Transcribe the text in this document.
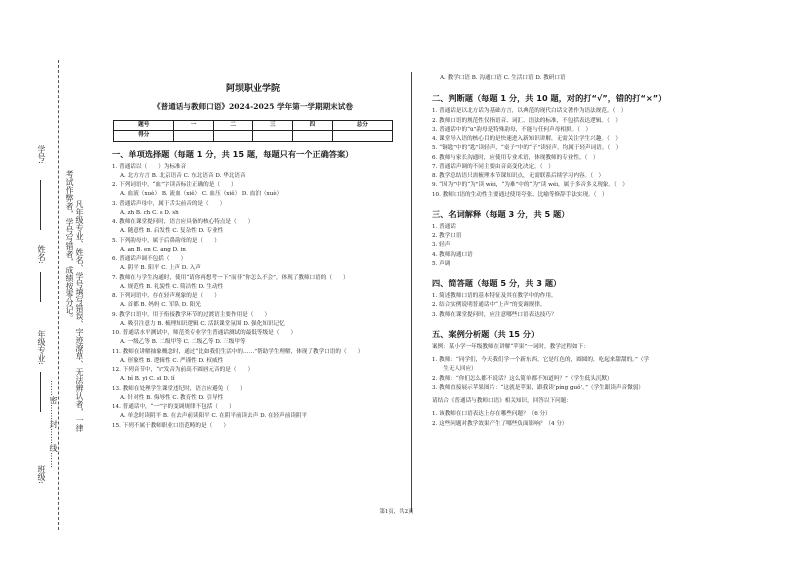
学号:
姓名:
年级专业:
班级:
考试作弊者，学号写错者，成绩按零分记。 凡年级专业、姓名、学号填写错误、字迹潦草、无法辨认者，一律
……密……封……线……
阿坝职业学院
《普通话与教师口语》2024-2025 学年第一学期期末试卷
题号	一	二	三	四	总分
得分					
一、单项选择题（每题 1 分，共 15 题，每题只有一个正确答案）

1. 普通话以（　　）为标准音

A. 北方方言 B. 北京语音 C. 东北语音 D. 华北语音

2. 下列词语中，“血”字读音标注正确的是（　　）

A. 血液（xuè） B. 流血（xiě） C. 血压（xiě） D. 血泊（xuè）

3. 普通话声母中，属于舌尖前音的是（　　）

A. zh B. ch C. s D. sh

4. 教师在课堂提问时，语言应具备的核心特点是（　　）

A. 随意性 B. 启发性 C. 复杂性 D. 专业性

5. 下列韵母中，属于后鼻韵母的是（　　）

A. an B. en C. ang D. in

6. 普通话声调不包括（　　）

A. 阴平 B. 阳平 C. 上声 D. 入声

7. 教师在与学生沟通时，使用“请你再想考一下”而非“你怎么不会”，体现了教师口语的（　　）

A. 规范性 B. 礼貌性 C. 简洁性 D. 生动性

8. 下列词语中，存在轻声现象的是（　　）

A. 首都 B. 妈妈 C. 军队 D. 阳光

9. 教学口语中，用于衔接教学环节的过渡语主要作用是（　　）

A. 吸引注意力 B. 梳理知识逻辑 C. 活跃课堂氛围 D. 强化知识记忆

10. 普通话水平测试中，师范类专业学生普通话测试的最低等级是（　　）

A. 一级乙等 B. 二级甲等 C. 二级乙等 D. 三级甲等

11. 教师在讲解抽象概念时，通过“比如我们生活中的……”帮助学生理解，体现了教学口语的（　　）

A. 形象性 B. 逻辑性 C. 严谨性 D. 权威性

12. 下列音节中，“i”发音为前高不圆唇元音的是（　　）

A. bǐ B. yī C. sī D. lǐ

13. 教师在处理学生课堂违纪时，语言应避免（　　）

A. 针对性 B. 侮辱性 C. 教育性 D. 引导性

14. 普通话中，“一”字的变调规律不包括（　　）

A. 单念时读阴平 B. 在去声前读阳平 C. 在阴平前读去声 D. 在轻声前读阴平

15. 下列不属于教师职业口语范畴的是（　　）

A. 教学口语 B. 沟通口语 C. 生活口语 D. 教研口语

二、判断题（每题 1 分，共 10 题，对的打“√”，错的打“×”）

1. 普通话是以北方话为基础方言，以典范的现代白话文著作为语法规范。（　）

2. 教师口语的规范性仅指语音、词汇、语法的标准，不包括表达逻辑。（　）

3. 普通话中的“ü”韵母是特殊韵母，不能与任何声母相拼。（　）

4. 课堂导入语的核心目的是快速进入新知识讲解，无需关注学生兴趣。（　）

5. “铜匙”中的“匙”读轻声，“桌子”中的“子”读轻声，均属于轻声词语。（　）

6. 教师与家长沟通时，应使用专业术语，体现教师的专业性。（　）

7. 普通话声调的不同主要由音高变化决定。（　）

8. 教学总结语只需梳理本节课知识点，无需联系后续学习内容。（　）

9. “因为”中的“为”读 wèi，“为难”中的“为”读 wéi，属于多音多义现象。（　）

10. 教师口语的生动性主要通过使用夸张、比喻等修辞手法实现。（　）

三、名词解释（每题 3 分，共 5 题）

1. 普通话

2. 教学口语

3. 轻声

4. 教师沟通口语

5. 声调

四、简答题（每题 5 分，共 3 题）

1. 简述教师口语的基本特征及其在教学中的作用。

2. 结合实例说明普通话中“上声”的变调规律。

3. 教师在课堂提问时，应注意哪些口语表达技巧？

五、案例分析题（共 15 分）

案例：某小学一年级教师在讲解“苹果”一词时，教学过程如下：

1. 教师：“同学们，今天我们学一个新东西，它是红色的，圆圆的，吃起来甜甜的。”（学

　　生无人回应）

2. 教师：“你们怎么都不说话？这么简单都不知道吗？”（学生低头沉默）

3. 教师直接展示苹果图片：“这就是苹果，跟我读‘píng guǒ’。”（学生跟读声音微弱）

请结合《普通话与教师口语》相关知识，回答以下问题：

1. 该教师在口语表达上存在哪些问题？（6 分）

2. 这些问题对教学效果产生了哪些负面影响？（4 分）

第1页，共2页
